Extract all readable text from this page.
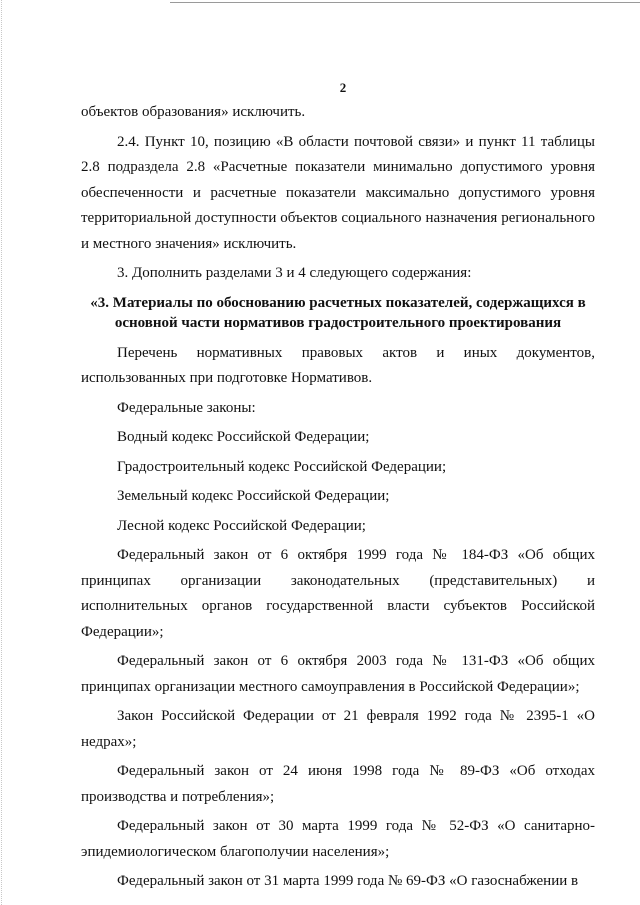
2

объектов образования» исключить.

2.4. Пункт 10, позицию «В области почтовой связи» и пункт 11 таблицы 2.8 подраздела 2.8 «Расчетные показатели минимально допустимого уровня обеспеченности и расчетные показатели максимально допустимого уровня территориальной доступности объектов социального назначения регионального и местного значения» исключить.

3. Дополнить разделами 3 и 4 следующего содержания:

«3. Материалы по обоснованию расчетных показателей, содержащихся в основной части нормативов градостроительного проектирования

Перечень нормативных правовых актов и иных документов, использованных при подготовке Нормативов.

Федеральные законы:

Водный кодекс Российской Федерации;

Градостроительный кодекс Российской Федерации;

Земельный кодекс Российской Федерации;

Лесной кодекс Российской Федерации;

Федеральный закон от 6 октября 1999 года № 184-ФЗ «Об общих принципах организации законодательных (представительных) и исполнительных органов государственной власти субъектов Российской Федерации»;

Федеральный закон от 6 октября 2003 года № 131-ФЗ «Об общих принципах организации местного самоуправления в Российской Федерации»;

Закон Российской Федерации от 21 февраля 1992 года № 2395-1 «О недрах»;

Федеральный закон от 24 июня 1998 года № 89-ФЗ «Об отходах производства и потребления»;

Федеральный закон от 30 марта 1999 года № 52-ФЗ «О санитарно-эпидемиологическом благополучии населения»;

Федеральный закон от 31 марта 1999 года № 69-ФЗ «О газоснабжении в
